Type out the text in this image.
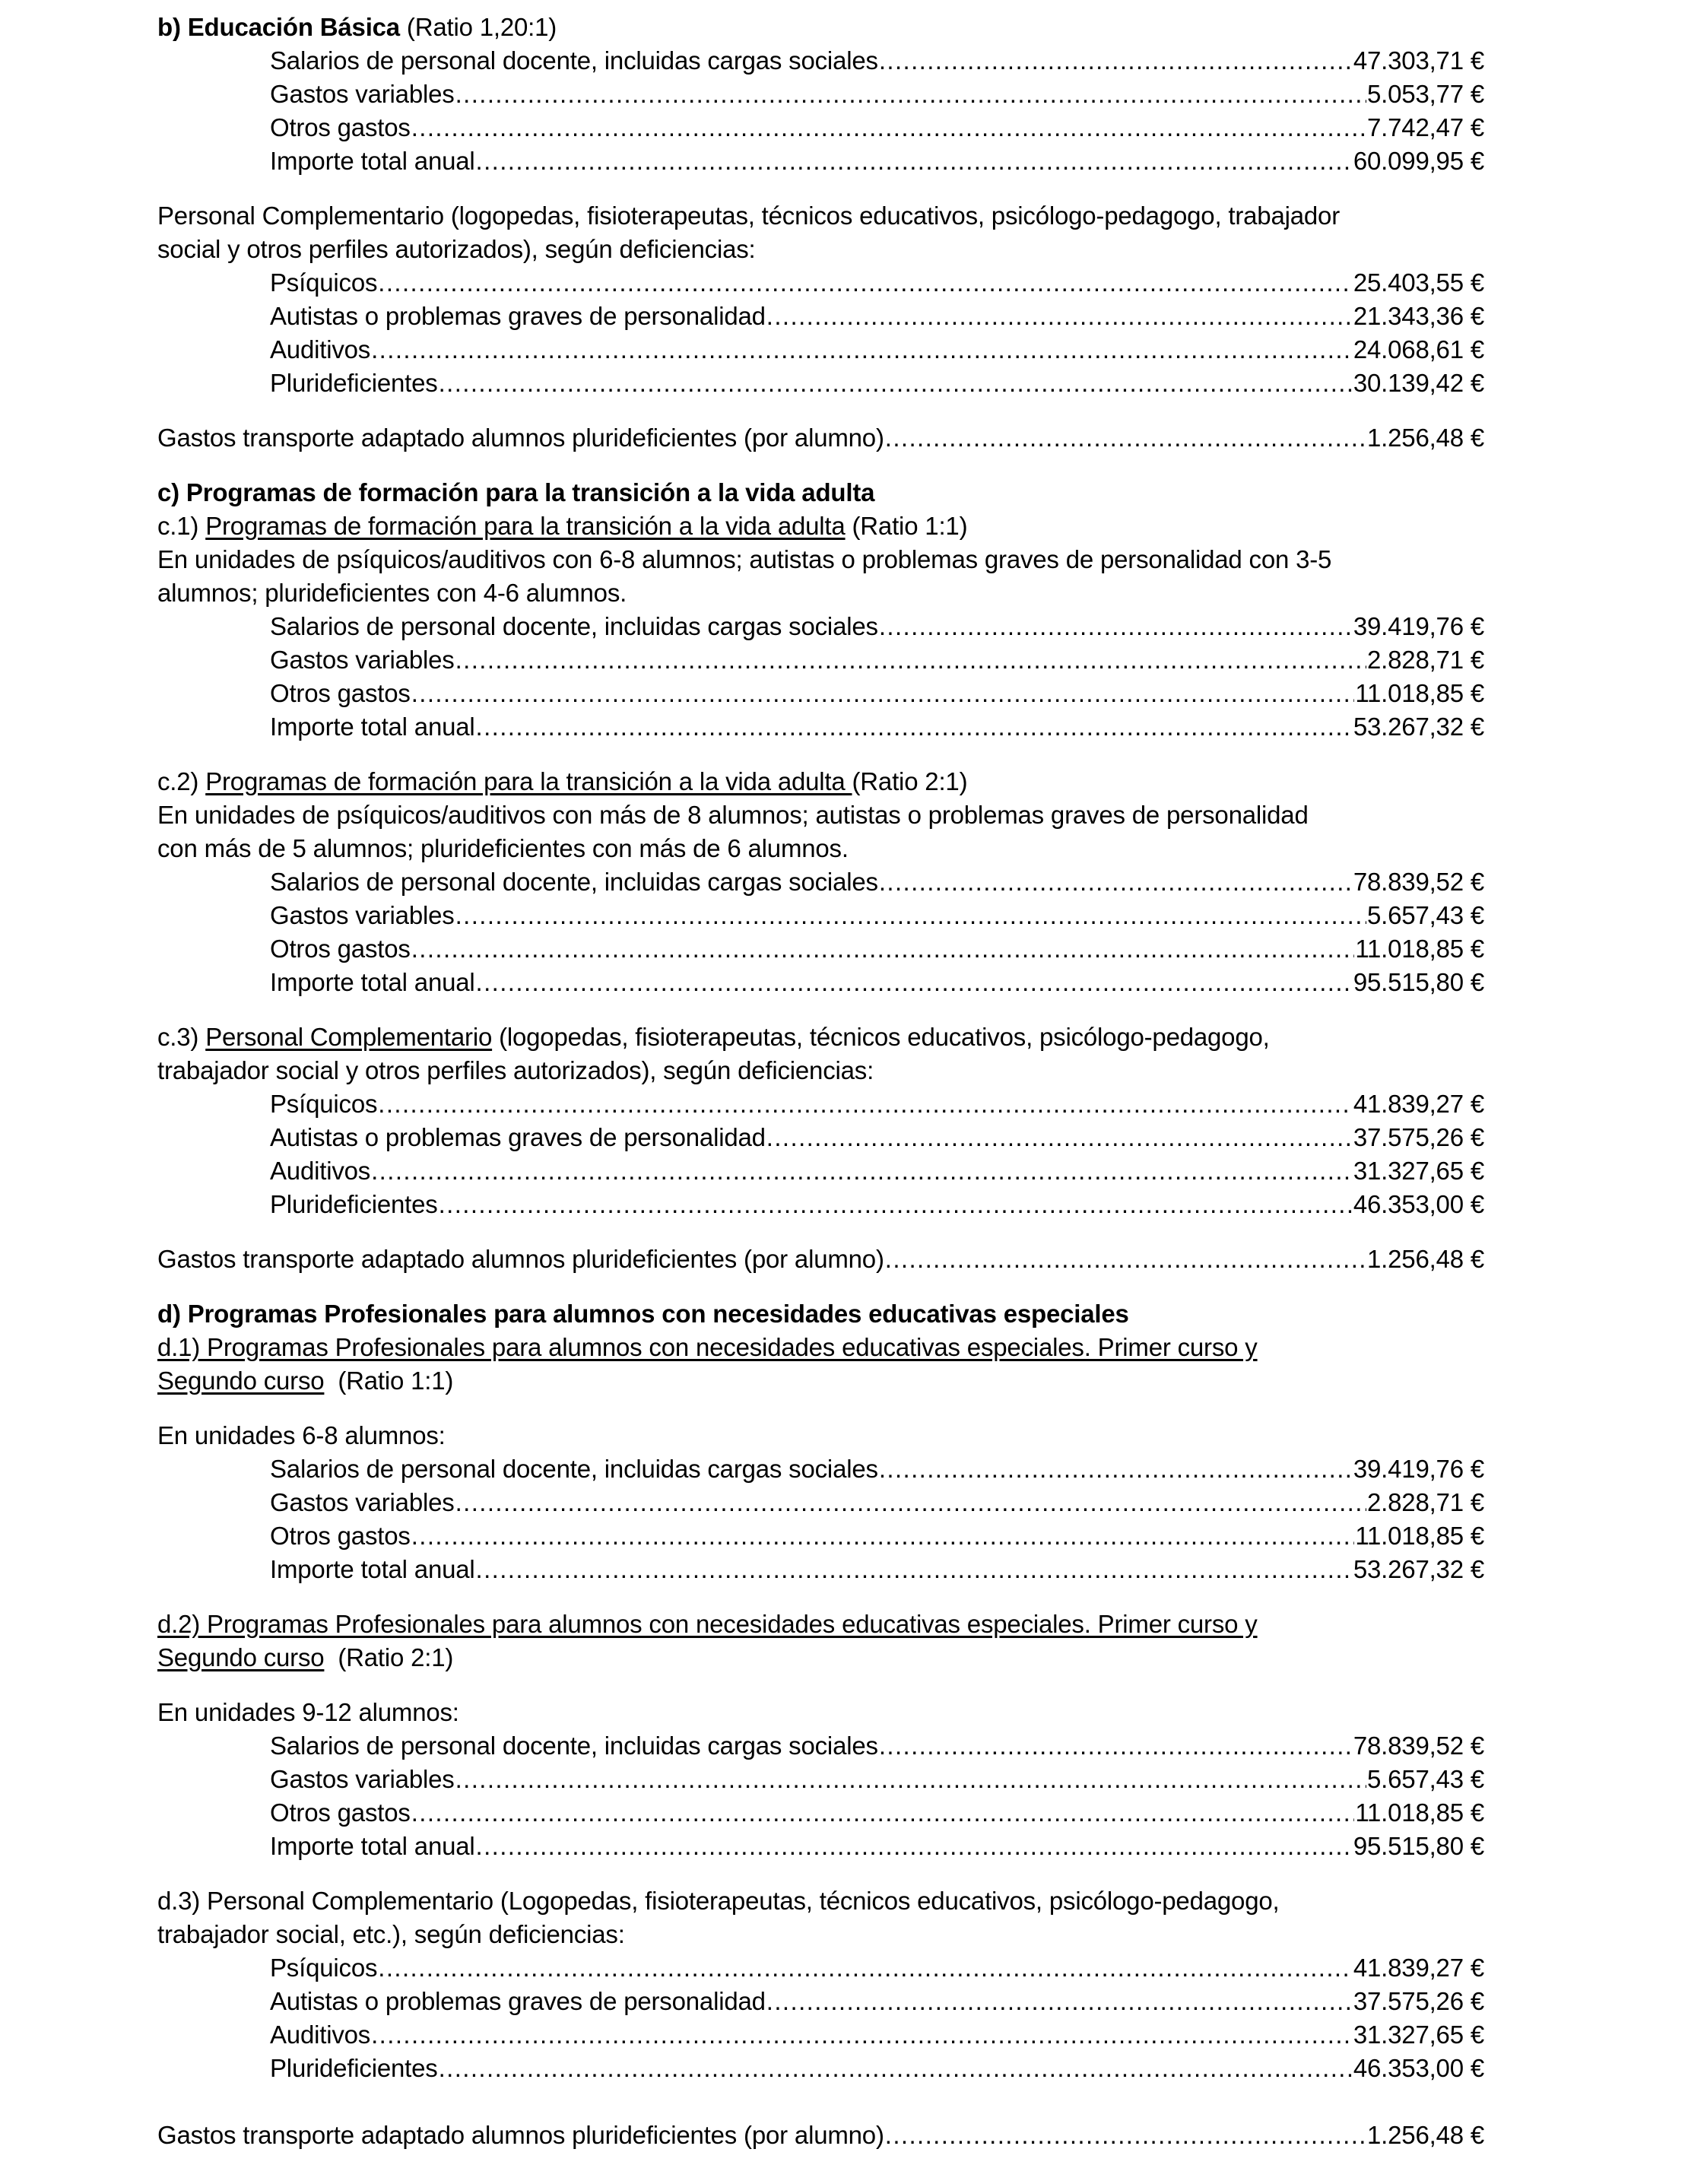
b) Educación Básica (Ratio 1,20:1)
Salarios de personal docente, incluidas cargas sociales .....	47.303,71 €
Gastos variables .....	5.053,77 €
Otros gastos .....	7.742,47 €
Importe total anual .....	60.099,95 €
Personal Complementario (logopedas, fisioterapeutas, técnicos educativos, psicólogo-pedagogo, trabajador
social y otros perfiles autorizados), según deficiencias:
Psíquicos .....	25.403,55 €
Autistas o problemas graves de personalidad .....	21.343,36 €
Auditivos .....	24.068,61 €
Plurideficientes .....	30.139,42 €
Gastos transporte adaptado alumnos plurideficientes (por alumno) .....	1.256,48 €
c) Programas de formación para la transición a la vida adulta
c.1) Programas de formación para la transición a la vida adulta (Ratio 1:1)
En unidades de psíquicos/auditivos con 6-8 alumnos; autistas o problemas graves de personalidad con 3-5
alumnos; plurideficientes con 4-6 alumnos.
Salarios de personal docente, incluidas cargas sociales .....	39.419,76 €
Gastos variables .....	2.828,71 €
Otros gastos .....	11.018,85 €
Importe total anual .....	53.267,32 €
c.2) Programas de formación para la transición a la vida adulta (Ratio 2:1)
En unidades de psíquicos/auditivos con más de 8 alumnos; autistas o problemas graves de personalidad
con más de 5 alumnos; plurideficientes con más de 6 alumnos.
Salarios de personal docente, incluidas cargas sociales .....	78.839,52 €
Gastos variables .....	5.657,43 €
Otros gastos .....	11.018,85 €
Importe total anual .....	95.515,80 €
c.3) Personal Complementario (logopedas, fisioterapeutas, técnicos educativos, psicólogo-pedagogo,
trabajador social y otros perfiles autorizados), según deficiencias:
Psíquicos .....	41.839,27 €
Autistas o problemas graves de personalidad .....	37.575,26 €
Auditivos .....	31.327,65 €
Plurideficientes .....	46.353,00 €
Gastos transporte adaptado alumnos plurideficientes (por alumno) .....	1.256,48 €
d) Programas Profesionales para alumnos con necesidades educativas especiales
d.1) Programas Profesionales para alumnos con necesidades educativas especiales. Primer curso y
Segundo curso  (Ratio 1:1)
En unidades 6-8 alumnos:
Salarios de personal docente, incluidas cargas sociales .....	39.419,76 €
Gastos variables .....	2.828,71 €
Otros gastos .....	11.018,85 €
Importe total anual .....	53.267,32 €
d.2) Programas Profesionales para alumnos con necesidades educativas especiales. Primer curso y
Segundo curso  (Ratio 2:1)
En unidades 9-12 alumnos:
Salarios de personal docente, incluidas cargas sociales .....	78.839,52 €
Gastos variables .....	5.657,43 €
Otros gastos .....	11.018,85 €
Importe total anual .....	95.515,80 €
d.3) Personal Complementario (Logopedas, fisioterapeutas, técnicos educativos, psicólogo-pedagogo,
trabajador social, etc.), según deficiencias:
Psíquicos .....	41.839,27 €
Autistas o problemas graves de personalidad .....	37.575,26 €
Auditivos .....	31.327,65 €
Plurideficientes .....	46.353,00 €
Gastos transporte adaptado alumnos plurideficientes (por alumno) .....	1.256,48 €
